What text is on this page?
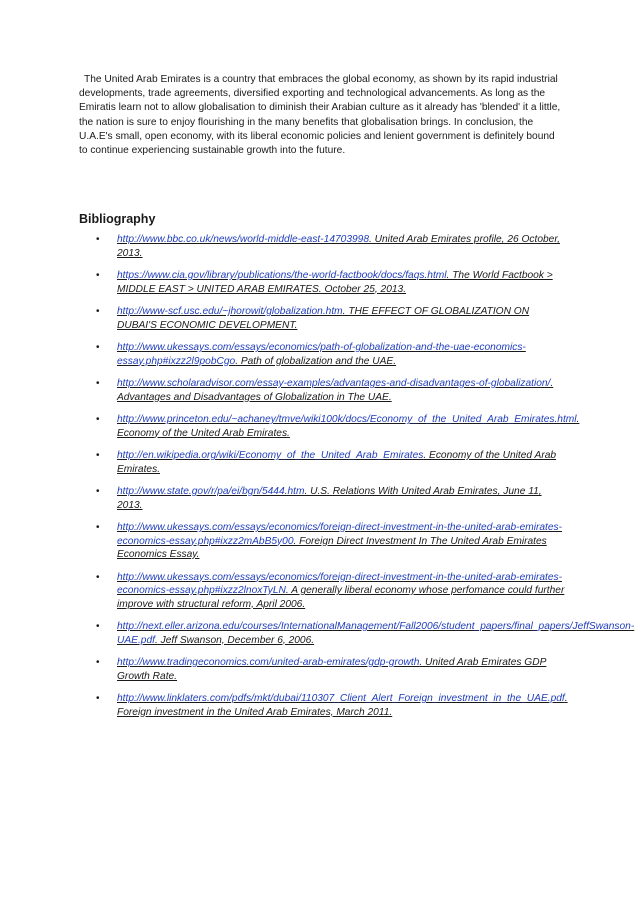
The United Arab Emirates is a country that embraces the global economy, as shown by its rapid industrial developments, trade agreements, diversified exporting and technological advancements. As long as the Emiratis learn not to allow globalisation to diminish their Arabian culture as it already has 'blended' it a little, the nation is sure to enjoy flourishing in the many benefits that globalisation brings. In conclusion, the U.A.E's small, open economy, with its liberal economic policies and lenient government is definitely bound to continue experiencing sustainable growth into the future.

Bibliography
• http://www.bbc.co.uk/news/world-middle-east-14703998. United Arab Emirates profile, 26 October, 2013.
• https://www.cia.gov/library/publications/the-world-factbook/docs/faqs.html. The World Factbook > MIDDLE EAST > UNITED ARAB EMIRATES. October 25, 2013.
• http://www-scf.usc.edu/~jhorowit/globalization.htm. THE EFFECT OF GLOBALIZATION ON DUBAI'S ECONOMIC DEVELOPMENT.
• http://www.ukessays.com/essays/economics/path-of-globalization-and-the-uae-economics-essay.php#ixzz2l9pobCgo. Path of globalization and the UAE.
• http://www.scholaradvisor.com/essay-examples/advantages-and-disadvantages-of-globalization/. Advantages and Disadvantages of Globalization in The UAE.
• http://www.princeton.edu/~achaney/tmve/wiki100k/docs/Economy_of_the_United_Arab_Emirates.html. Economy of the United Arab Emirates.
• http://en.wikipedia.org/wiki/Economy_of_the_United_Arab_Emirates. Economy of the United Arab Emirates.
• http://www.state.gov/r/pa/ei/bgn/5444.htm. U.S. Relations With United Arab Emirates, June 11, 2013.
• http://www.ukessays.com/essays/economics/foreign-direct-investment-in-the-united-arab-emirates-economics-essay.php#ixzz2mAbB5y00. Foreign Direct Investment In The United Arab Emirates Economics Essay.
• http://www.ukessays.com/essays/economics/foreign-direct-investment-in-the-united-arab-emirates-economics-essay.php#ixzz2lnoxTyLN. A generally liberal economy whose perfomance could further improve with structural reform, April 2006.
• http://next.eller.arizona.edu/courses/InternationalManagement/Fall2006/student_papers/final_papers/JeffSwanson-UAE.pdf. Jeff Swanson, December 6, 2006.
• http://www.tradingeconomics.com/united-arab-emirates/gdp-growth. United Arab Emirates GDP Growth Rate.
• http://www.linklaters.com/pdfs/mkt/dubai/110307_Client_Alert_Foreign_investment_in_the_UAE.pdf. Foreign investment in the United Arab Emirates, March 2011.
